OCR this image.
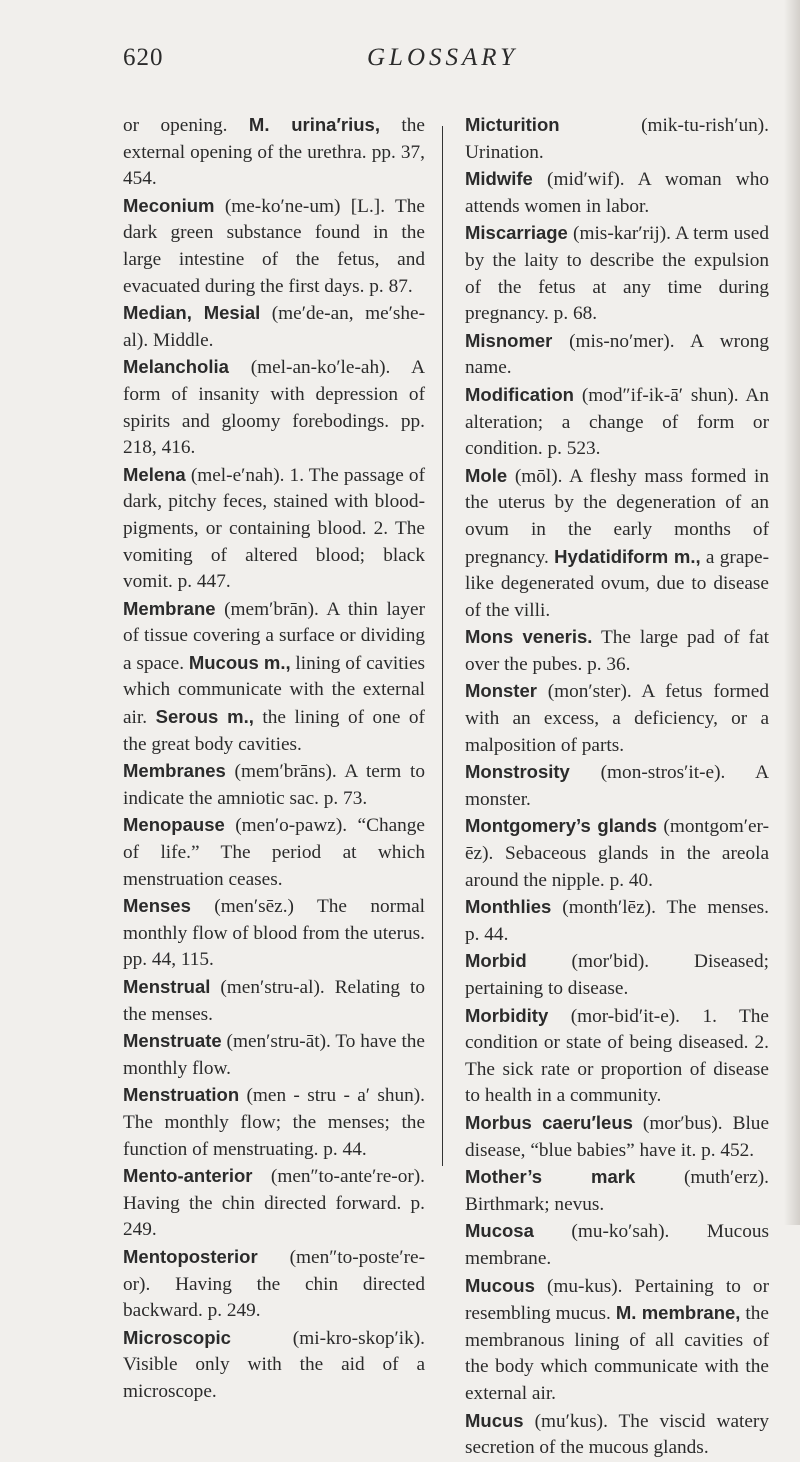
620	GLOSSARY

or opening. M. urina′rius, the external opening of the urethra. pp. 37, 454.

Meconium (me-ko′ne-um) [L.]. The dark green substance found in the large intestine of the fetus, and evacuated during the first days. p. 87.

Median, Mesial (me′de-an, me′she-al). Middle.

Melancholia (mel-an-ko′le-ah). A form of insanity with depression of spirits and gloomy forebodings. pp. 218, 416.

Melena (mel-e′nah). 1. The passage of dark, pitchy feces, stained with blood-pigments, or containing blood. 2. The vomiting of altered blood; black vomit. p. 447.

Membrane (mem′brān). A thin layer of tissue covering a surface or dividing a space. Mucous m., lining of cavities which communicate with the external air. Serous m., the lining of one of the great body cavities.

Membranes (mem′brāns). A term to indicate the amniotic sac. p. 73.

Menopause (men′o-pawz). “Change of life.” The period at which menstruation ceases.

Menses (men′sēz.) The normal monthly flow of blood from the uterus. pp. 44, 115.

Menstrual (men′stru-al). Relating to the menses.

Menstruate (men′stru-āt). To have the monthly flow.

Menstruation (men - stru - a′ shun). The monthly flow; the menses; the function of menstruating. p. 44.

Mento-anterior (men″to-ante′re-or). Having the chin directed forward. p. 249.

Mentoposterior (men″to-poste′re-or). Having the chin directed backward. p. 249.

Microscopic (mi-kro-skop′ik). Visible only with the aid of a microscope.

Micturition (mik-tu-rish′un). Urination.

Midwife (mid′wif). A woman who attends women in labor.

Miscarriage (mis-kar′rij). A term used by the laity to describe the expulsion of the fetus at any time during pregnancy. p. 68.

Misnomer (mis-no′mer). A wrong name.

Modification (mod″if-ik-ā′ shun). An alteration; a change of form or condition. p. 523.

Mole (mōl). A fleshy mass formed in the uterus by the degeneration of an ovum in the early months of pregnancy. Hydatidiform m., a grape-like degenerated ovum, due to disease of the villi.

Mons veneris. The large pad of fat over the pubes. p. 36.

Monster (mon′ster). A fetus formed with an excess, a deficiency, or a malposition of parts.

Monstrosity (mon-stros′it-e). A monster.

Montgomery’s glands (montgom′er-ēz). Sebaceous glands in the areola around the nipple. p. 40.

Monthlies (month′lēz). The menses. p. 44.

Morbid (mor′bid). Diseased; pertaining to disease.

Morbidity (mor-bid′it-e). 1. The condition or state of being diseased. 2. The sick rate or proportion of disease to health in a community.

Morbus caeru′leus (mor′bus). Blue disease, “blue babies” have it. p. 452.

Mother’s mark (muth′erz). Birthmark; nevus.

Mucosa (mu-ko′sah). Mucous membrane.

Mucous (mu-kus). Pertaining to or resembling mucus. M. membrane, the membranous lining of all cavities of the body which communicate with the external air.

Mucus (mu′kus). The viscid watery secretion of the mucous glands.
